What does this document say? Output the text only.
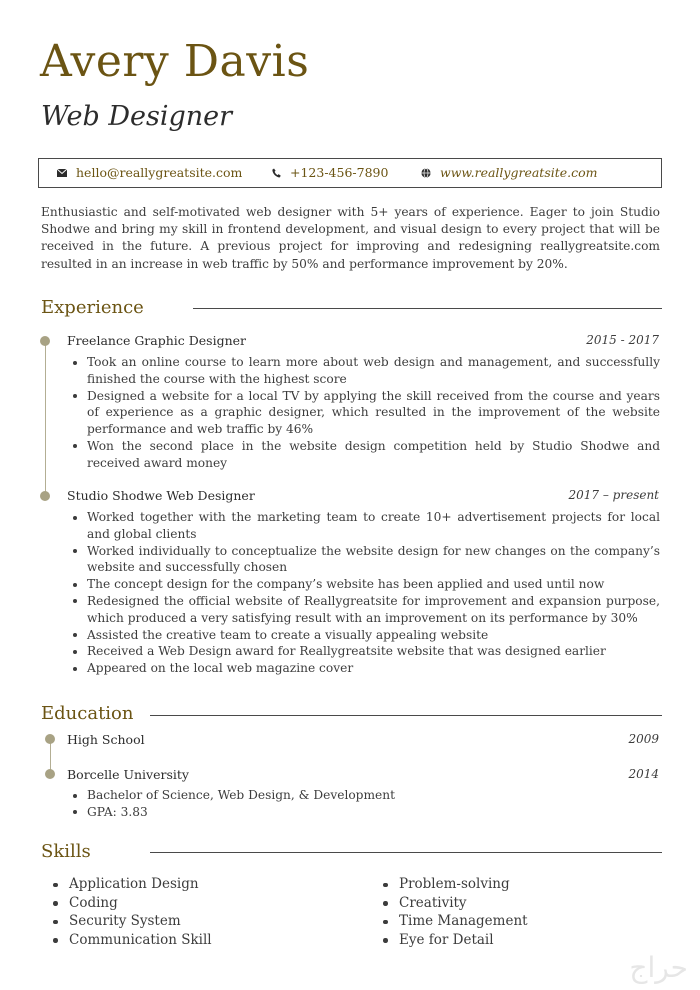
Avery Davis
Web Designer
hello@reallygreatsite.com	+123-456-7890	www.reallygreatsite.com

Enthusiastic and self-motivated web designer with 5+ years of experience. Eager to join Studio Shodwe and bring my skill in frontend development, and visual design to every project that will be received in the future. A previous project for improving and redesigning reallygreatsite.com resulted in an increase in web traffic by 50% and performance improvement by 20%.

Experience
Freelance Graphic Designer	2015 - 2017
Took an online course to learn more about web design and management, and successfully finished the course with the highest score
Designed a website for a local TV by applying the skill received from the course and years of experience as a graphic designer, which resulted in the improvement of the website performance and web traffic by 46%
Won the second place in the website design competition held by Studio Shodwe and received award money
Studio Shodwe Web Designer	2017 – present
Worked together with the marketing team to create 10+ advertisement projects for local and global clients
Worked individually to conceptualize the website design for new changes on the company’s website and successfully chosen
The concept design for the company’s website has been applied and used until now
Redesigned the official website of Reallygreatsite for improvement and expansion purpose, which produced a very satisfying result with an improvement on its performance by 30%
Assisted the creative team to create a visually appealing website
Received a Web Design award for Reallygreatsite website that was designed earlier
Appeared on the local web magazine cover
Education
High School	2009
Borcelle University	2014
Bachelor of Science, Web Design, & Development
GPA: 3.83
Skills
Application Design
Coding
Security System
Communication Skill
Problem-solving
Creativity
Time Management
Eye for Detail
حراج
